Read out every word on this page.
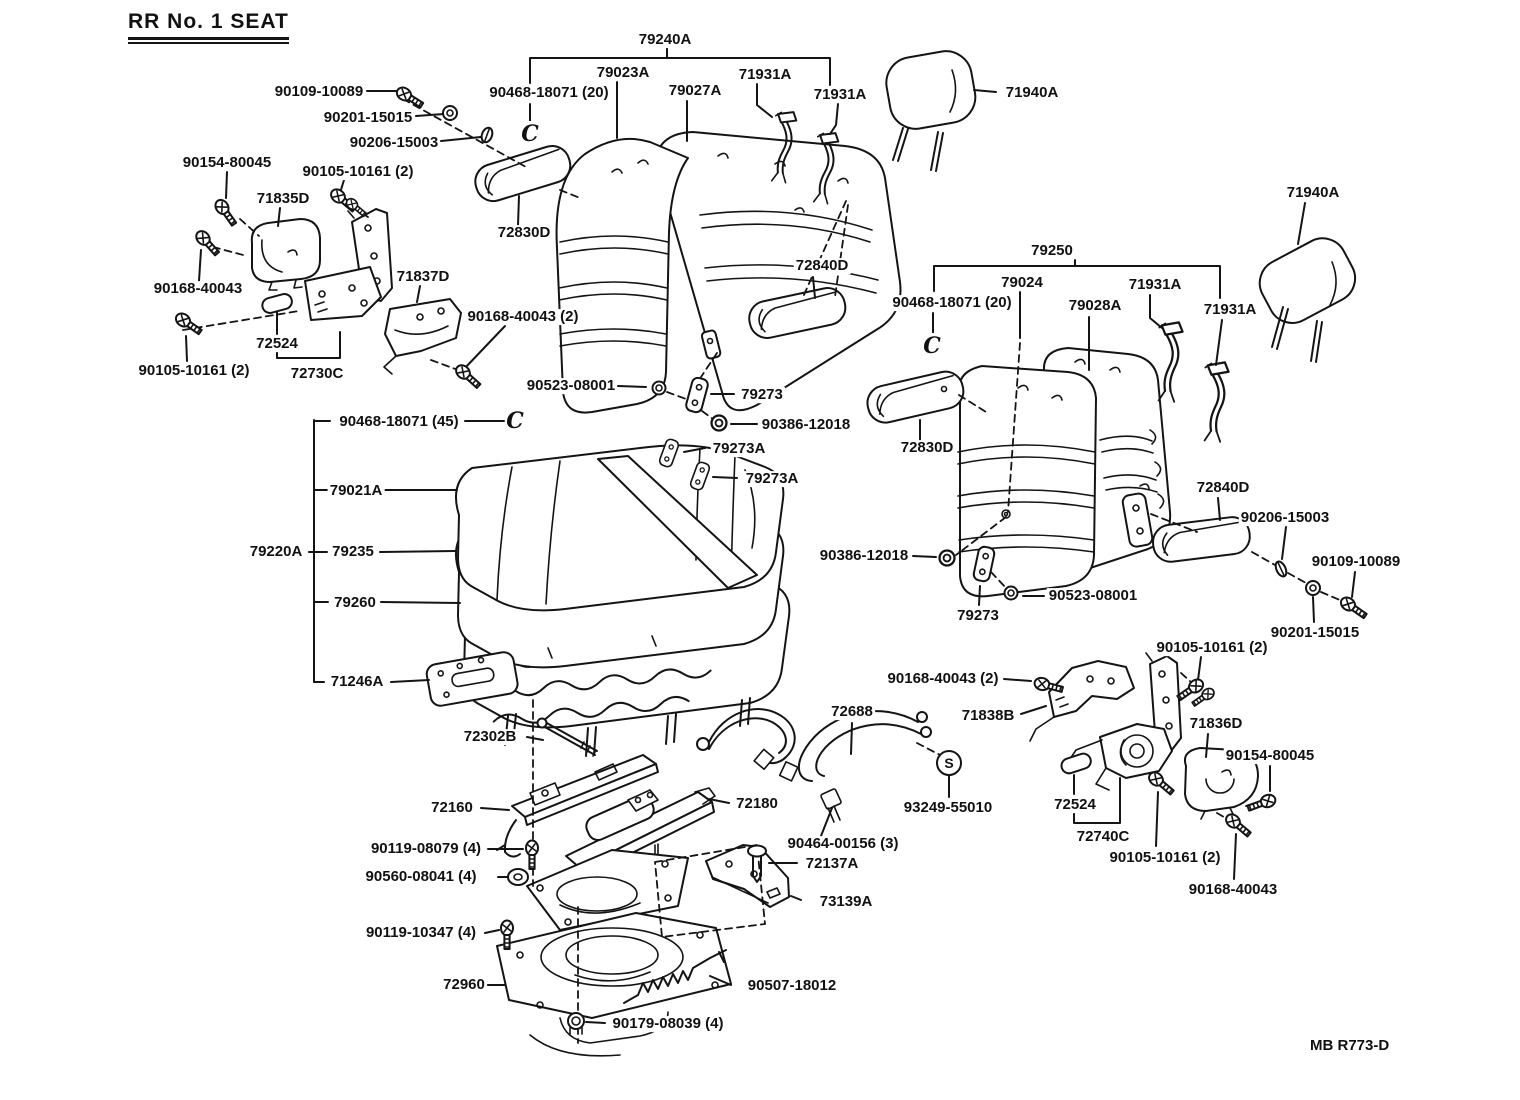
RR No. 1 SEAT
90109-10089
90201-15015
90206-15003
90154-80045
90105-10161 (2)
71835D
79240A
79023A
90468-18071 (20)	79027A
71931A
71931A	71940A
72830D
71837D
90168-40043
90168-40043 (2)
72524
90105-10161 (2)	72730C
72840D
90523-08001
79273
90386-12018
90468-18071 (45)
79273A
79273A
79021A
79220A 79235
79260
71246A
72302B
72160	72180
90119-08079 (4)
90560-08041 (4)
90119-10347 (4)
72960	90507-18012
90179-08039 (4)
72688
93249-55010
90464-00156 (3)
72137A
73139A
90168-40043 (2)
71838B
79250
79024
90468-18071 (20)	79028A
71931A
71931A
71940A
72830D
72840D
90206-15003
90109-10089
90201-15015
90386-12018
90523-08001
79273
90105-10161 (2)
71836D
90154-80045
72524
72740C
90105-10161 (2)
90168-40043
C
C
C
S
MB R773-D
